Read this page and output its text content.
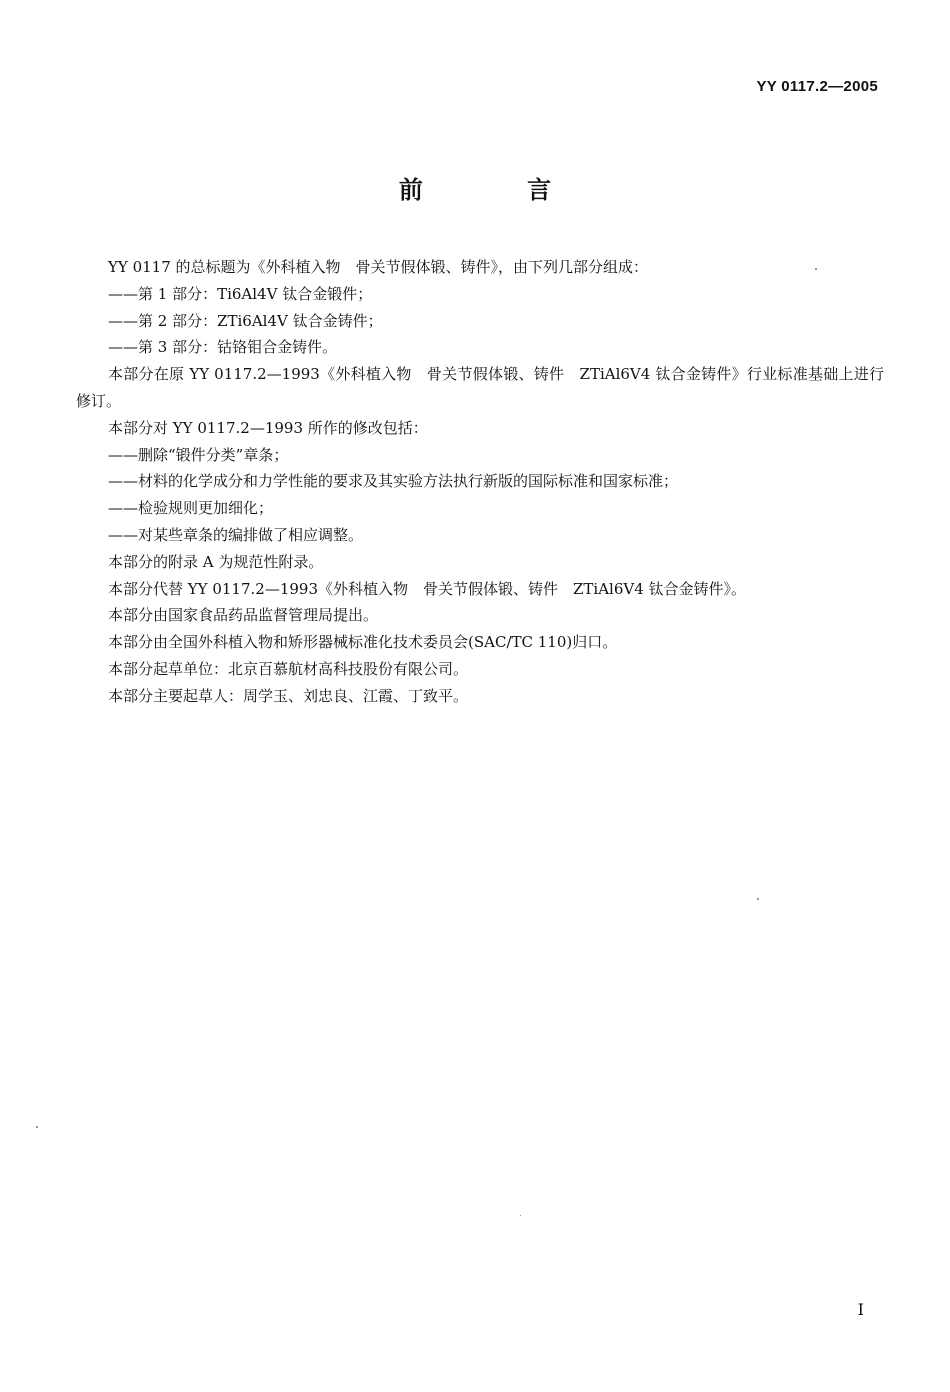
YY 0117.2—2005
前 言

YY 0117 的总标题为《外科植入物　骨关节假体锻、铸件》，由下列几部分组成：

——第 1 部分：Ti6Al4V 钛合金锻件；

——第 2 部分：ZTi6Al4V 钛合金铸件；

——第 3 部分：钴铬钼合金铸件。

本部分在原 YY 0117.2—1993《外科植入物　骨关节假体锻、铸件　ZTiAl6V4 钛合金铸件》行业标准基础上进行修订。

本部分对 YY 0117.2—1993 所作的修改包括：

——删除“锻件分类”章条；

——材料的化学成分和力学性能的要求及其实验方法执行新版的国际标准和国家标准；

——检验规则更加细化；

——对某些章条的编排做了相应调整。

本部分的附录 A 为规范性附录。

本部分代替 YY 0117.2—1993《外科植入物　骨关节假体锻、铸件　ZTiAl6V4 钛合金铸件》。

本部分由国家食品药品监督管理局提出。

本部分由全国外科植入物和矫形器械标准化技术委员会(SAC/TC 110)归口。

本部分起草单位：北京百慕航材高科技股份有限公司。

本部分主要起草人：周学玉、刘忠良、江霞、丁致平。

I
